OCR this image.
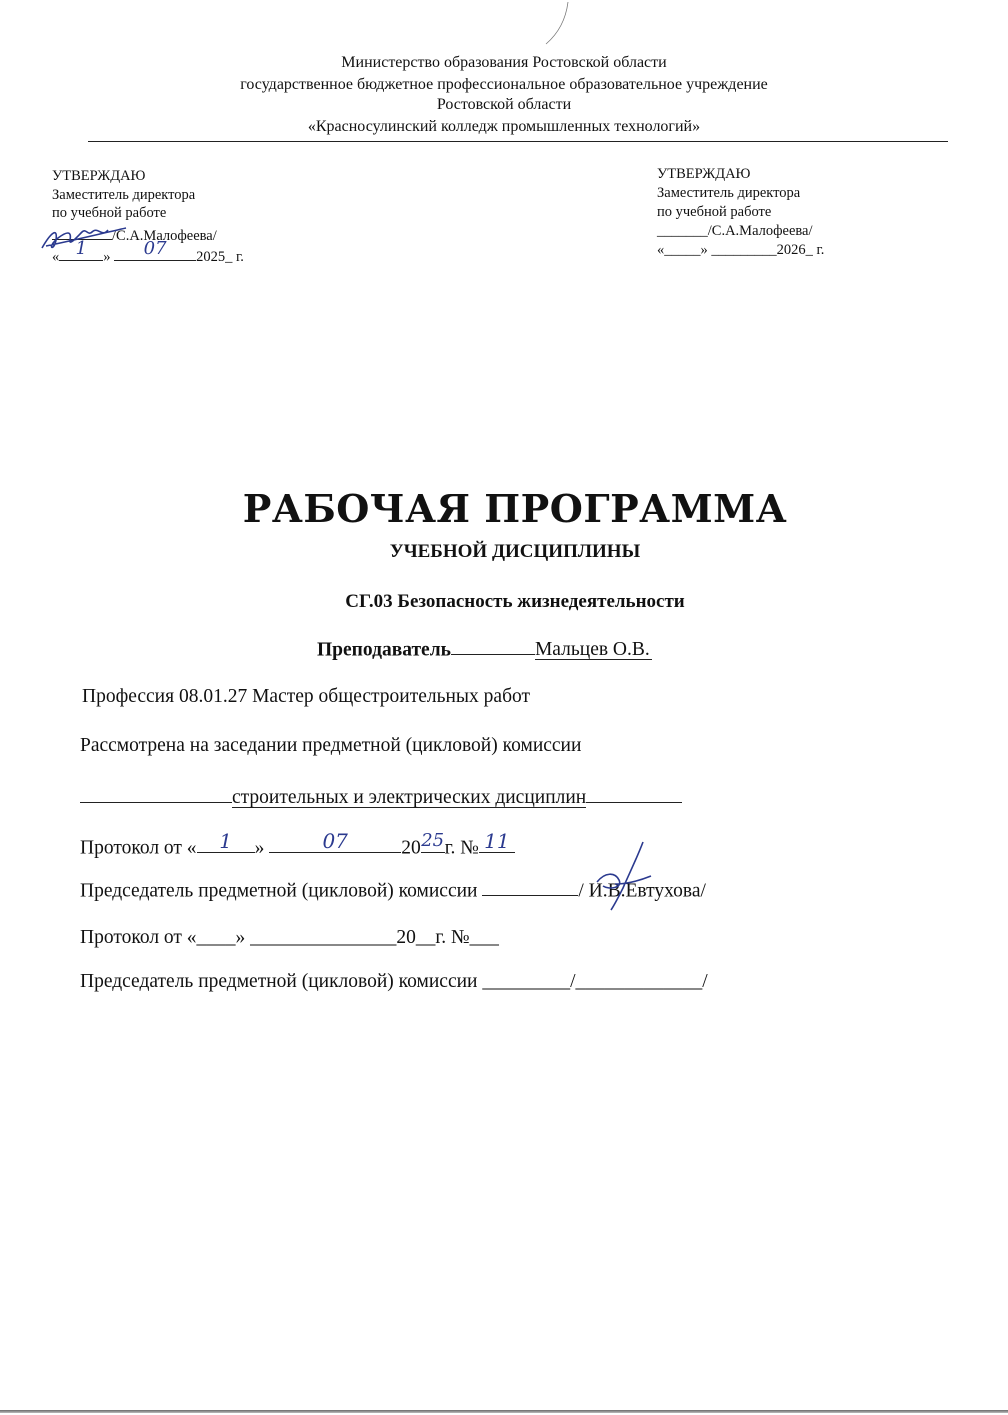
Министерство образования Ростовской области
государственное бюджетное профессиональное образовательное учреждение
Ростовской области
«Красносулинский колледж промышленных технологий»
УТВЕРЖДАЮ
Заместитель директора
по учебной работе
/С.А.Малофеева/
« 1	»	07	2025_ г.
УТВЕРЖДАЮ
Заместитель директора
по учебной работе
_______/С.А.Малофеева/
«_____» _________2026_ г.
РАБОЧАЯ ПРОГРАММА
УЧЕБНОЙ ДИСЦИПЛИНЫ
СГ.03 Безопасность жизнедеятельности
Преподаватель	Мальцев О.В.
Профессия 08.01.27 Мастер общестроительных работ
Рассмотрена на заседании предметной (цикловой) комиссии
строительных и электрических дисциплин
Протокол от «	1	»	07	20 25 г. № 11
Председатель предметной (цикловой) комиссии	/ И.В.Евтухова/
Протокол от «____» _______________20__г. №___
Председатель предметной (цикловой) комиссии _________/_____________/
